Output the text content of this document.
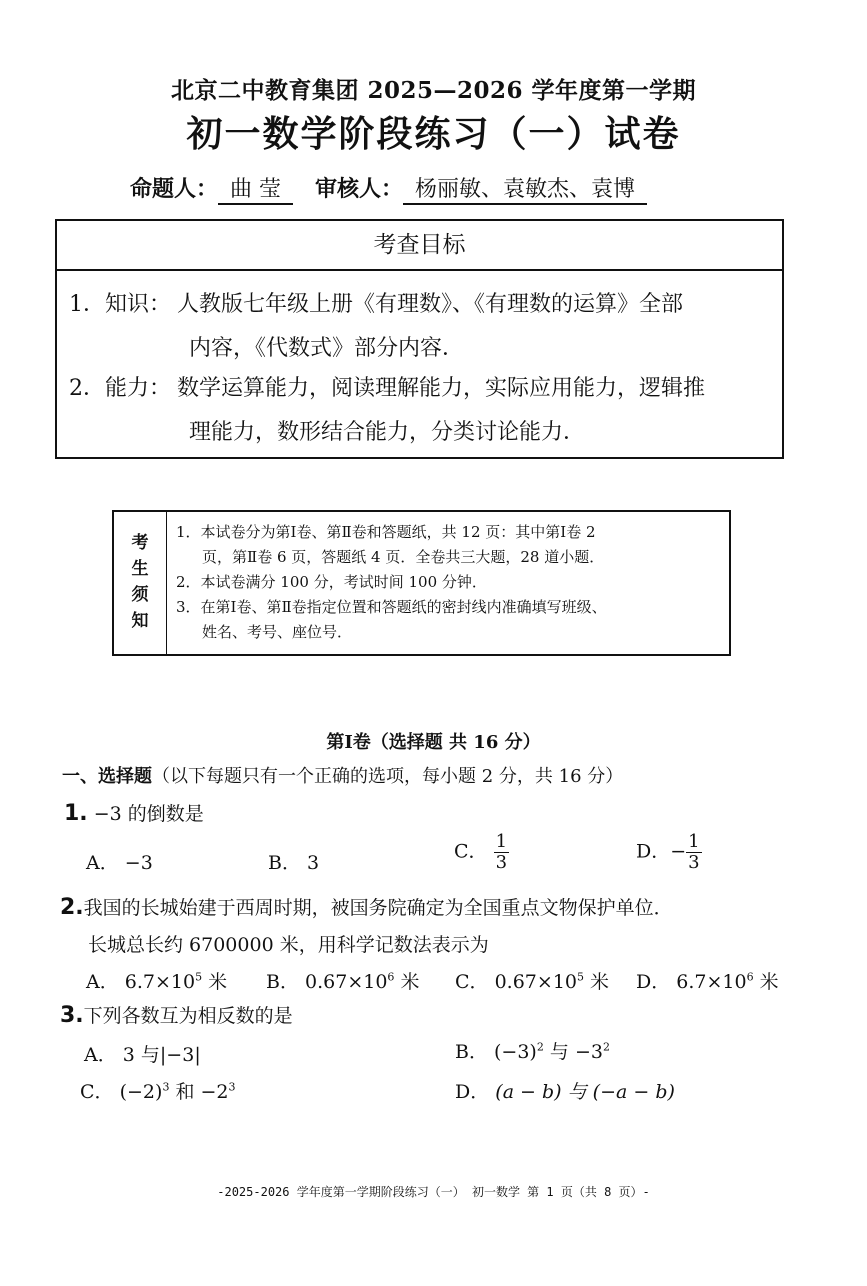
北京二中教育集团 2025—2026 学年度第一学期
初一数学阶段练习（一）试卷
命题人： 曲 莹 审核人： 杨丽敏、袁敏杰、袁博
考查目标
1．知识： 人教版七年级上册《有理数》、《有理数的运算》全部
内容，《代数式》部分内容．
2．能力： 数学运算能力，阅读理解能力，实际应用能力，逻辑推
理能力，数形结合能力，分类讨论能力．
考
生
须
知
1．本试卷分为第Ⅰ卷、第Ⅱ卷和答题纸，共 12 页：其中第Ⅰ卷 2
页，第Ⅱ卷 6 页，答题纸 4 页．全卷共三大题，28 道小题．
2．本试卷满分 100 分，考试时间 100 分钟．
3．在第Ⅰ卷、第Ⅱ卷指定位置和答题纸的密封线内准确填写班级、
姓名、考号、座位号．
第Ⅰ卷（选择题 共 16 分）
一、选择题（以下每题只有一个正确的选项，每小题 2 分，共 16 分）
1. −3 的倒数是
A． −3	B． 3
C． $\frac{1}{3}$	D．− $\frac{1}{3}$
2.我国的长城始建于西周时期，被国务院确定为全国重点文物保护单位．
长城总长约 6700000 米，用科学记数法表示为
A． $6.7\times 10^5$ 米 B． $0.67\times 10^6$ 米 C． $0.67\times 10^5$ 米 D． $6.7\times 10^6$ 米
3.下列各数互为相反数的是
A． 3 与|−3|	B． $(-3)^2$ 与 $-3^2$
C． $(-2)^3$ 和 $-2^3$	D． (a − b) 与 (−a − b)
-2025-2026 学年度第一学期阶段练习（一） 初一数学 第 1 页（共 8 页）-
